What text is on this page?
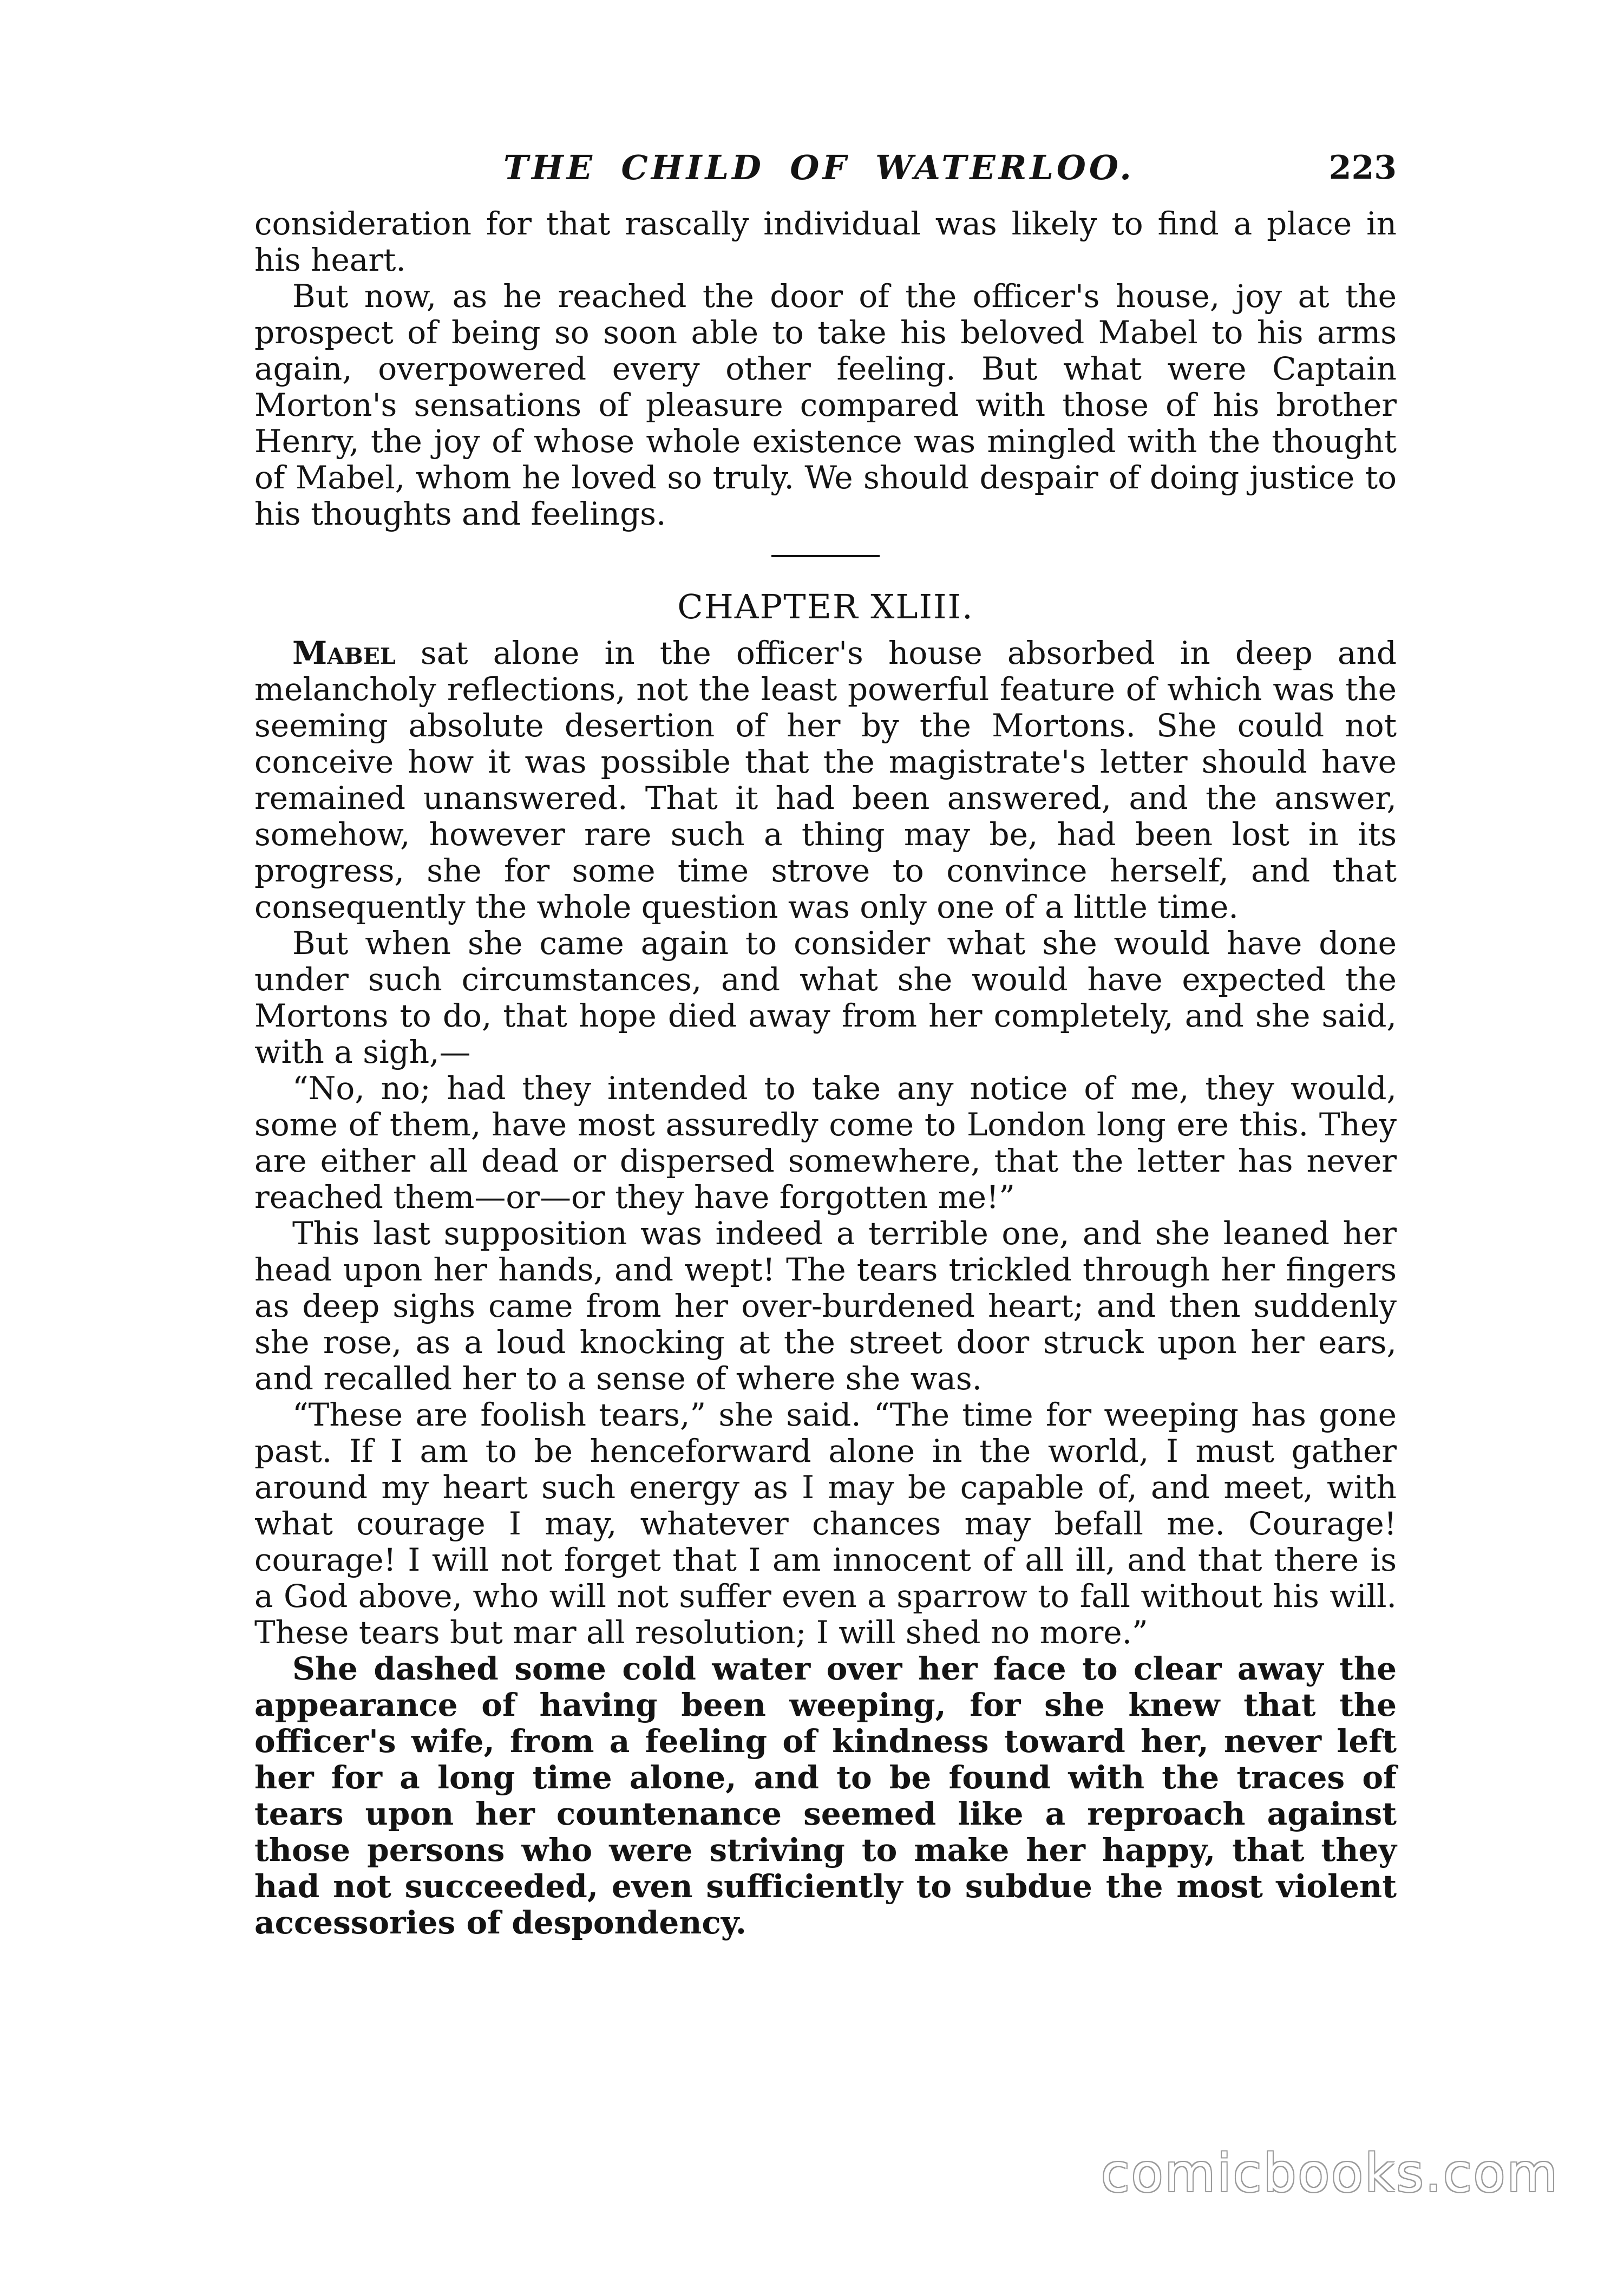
THE CHILD OF WATERLOO.	223

consideration for that rascally individual was likely to find a place in his heart.

But now, as he reached the door of the officer's house, joy at the prospect of being so soon able to take his beloved Mabel to his arms again, overpowered every other feeling. But what were Captain Morton's sensations of pleasure compared with those of his brother Henry, the joy of whose whole existence was mingled with the thought of Mabel, whom he loved so truly. We should despair of doing justice to his thoughts and feelings.

CHAPTER XLIII.

Mabel sat alone in the officer's house absorbed in deep and melancholy reflections, not the least powerful feature of which was the seeming absolute desertion of her by the Mortons. She could not conceive how it was possible that the magistrate's letter should have remained unanswered. That it had been answered, and the answer, somehow, however rare such a thing may be, had been lost in its progress, she for some time strove to convince herself, and that consequently the whole question was only one of a little time.

But when she came again to consider what she would have done under such circumstances, and what she would have expected the Mortons to do, that hope died away from her completely, and she said, with a sigh,—

“No, no; had they intended to take any notice of me, they would, some of them, have most assuredly come to London long ere this. They are either all dead or dispersed somewhere, that the letter has never reached them—or—or they have forgotten me!”

This last supposition was indeed a terrible one, and she leaned her head upon her hands, and wept! The tears trickled through her fingers as deep sighs came from her over-burdened heart; and then suddenly she rose, as a loud knocking at the street door struck upon her ears, and recalled her to a sense of where she was.

“These are foolish tears,” she said. “The time for weeping has gone past. If I am to be henceforward alone in the world, I must gather around my heart such energy as I may be capable of, and meet, with what courage I may, whatever chances may befall me. Courage! courage! I will not forget that I am innocent of all ill, and that there is a God above, who will not suffer even a sparrow to fall without his will. These tears but mar all resolution; I will shed no more.”

She dashed some cold water over her face to clear away the appearance of having been weeping, for she knew that the officer's wife, from a feeling of kindness toward her, never left her for a long time alone, and to be found with the traces of tears upon her countenance seemed like a reproach against those persons who were striving to make her happy, that they had not succeeded, even sufficiently to subdue the most violent accessories of despondency.

comicbooks.com
